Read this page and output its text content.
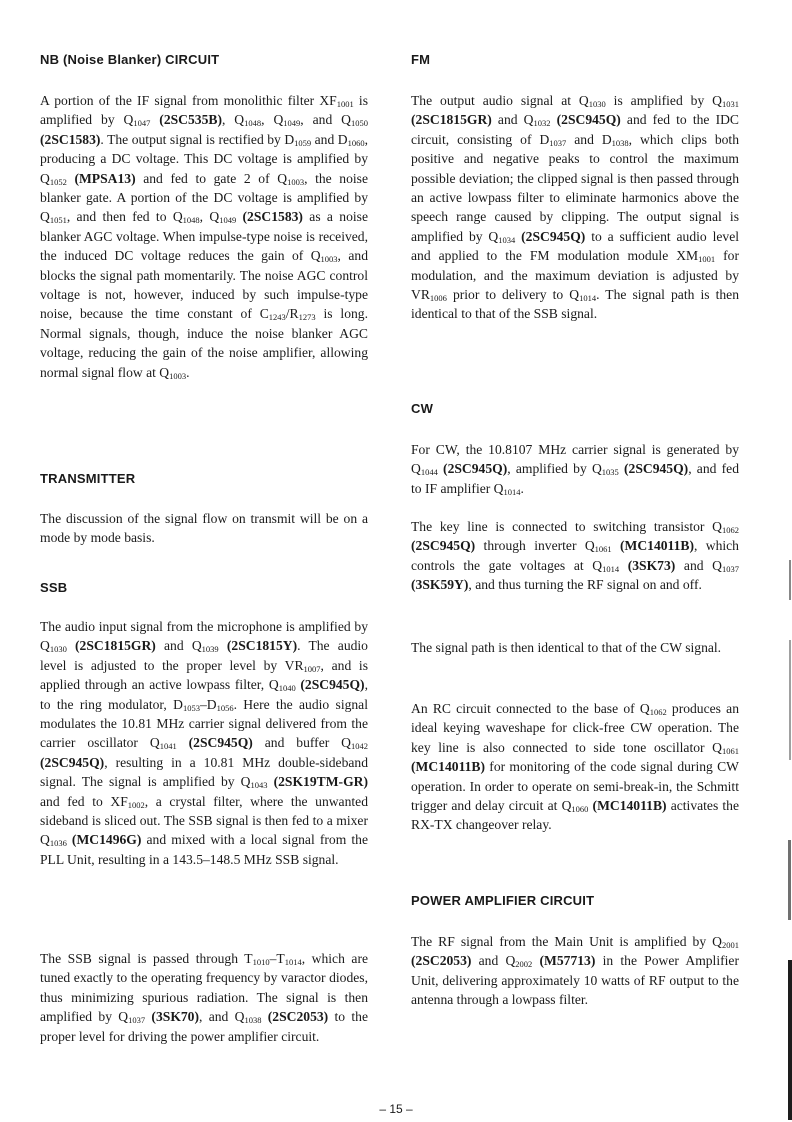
NB (Noise Blanker) CIRCUIT

A portion of the IF signal from monolithic filter $XF_{1001}$ is amplified by $Q_{1047}$ (2SC535B), $Q_{1048}$, $Q_{1049}$, and $Q_{1050}$ (2SC1583). The output signal is rectified by $D_{1059}$ and $D_{1060}$, producing a DC voltage. This DC voltage is amplified by $Q_{1052}$ (MPSA13) and fed to gate 2 of $Q_{1003}$, the noise blanker gate. A portion of the DC voltage is amplified by $Q_{1051}$, and then fed to $Q_{1048}$, $Q_{1049}$ (2SC1583) as a noise blanker AGC voltage. When impulse-type noise is received, the induced DC voltage reduces the gain of $Q_{1003}$, and blocks the signal path momentarily. The noise AGC control voltage is not, however, induced by such impulse-type noise, because the time constant of $C_{1243}/R_{1273}$ is long. Normal signals, though, induce the noise blanker AGC voltage, reducing the gain of the noise amplifier, allowing normal signal flow at $Q_{1003}$.

TRANSMITTER

The discussion of the signal flow on transmit will be on a mode by mode basis.

SSB

The audio input signal from the microphone is amplified by $Q_{1030}$ (2SC1815GR) and $Q_{1039}$ (2SC1815Y). The audio level is adjusted to the proper level by $VR_{1007}$, and is applied through an active lowpass filter, $Q_{1040}$ (2SC945Q), to the ring modulator, $D_{1053}-D_{1056}$. Here the audio signal modulates the 10.81 MHz carrier signal delivered from the carrier oscillator $Q_{1041}$ (2SC945Q) and buffer $Q_{1042}$ (2SC945Q), resulting in a 10.81 MHz double-sideband signal. The signal is amplified by $Q_{1043}$ (2SK19TM-GR) and fed to $XF_{1002}$, a crystal filter, where the unwanted sideband is sliced out. The SSB signal is then fed to a mixer $Q_{1036}$ (MC1496G) and mixed with a local signal from the PLL Unit, resulting in a 143.5–148.5 MHz SSB signal.

The SSB signal is passed through $T_{1010}-T_{1014}$, which are tuned exactly to the operating frequency by varactor diodes, thus minimizing spurious radiation. The signal is then amplified by $Q_{1037}$ (3SK70), and $Q_{1038}$ (2SC2053) to the proper level for driving the power amplifier circuit.

FM

The output audio signal at $Q_{1030}$ is amplified by $Q_{1031}$ (2SC1815GR) and $Q_{1032}$ (2SC945Q) and fed to the IDC circuit, consisting of $D_{1037}$ and $D_{1038}$, which clips both positive and negative peaks to control the maximum possible deviation; the clipped signal is then passed through an active lowpass filter to eliminate harmonics above the speech range caused by clipping. The output signal is amplified by $Q_{1034}$ (2SC945Q) to a sufficient audio level and applied to the FM modulation module $XM_{1001}$ for modulation, and the maximum deviation is adjusted by $VR_{1006}$ prior to delivery to $Q_{1014}$. The signal path is then identical to that of the SSB signal.

CW

For CW, the 10.8107 MHz carrier signal is generated by $Q_{1044}$ (2SC945Q), amplified by $Q_{1035}$ (2SC945Q), and fed to IF amplifier $Q_{1014}$.

The key line is connected to switching transistor $Q_{1062}$ (2SC945Q) through inverter $Q_{1061}$ (MC14011B), which controls the gate voltages at $Q_{1014}$ (3SK73) and $Q_{1037}$ (3SK59Y), and thus turning the RF signal on and off.

The signal path is then identical to that of the CW signal.

An RC circuit connected to the base of $Q_{1062}$ produces an ideal keying waveshape for click-free CW operation. The key line is also connected to side tone oscillator $Q_{1061}$ (MC14011B) for monitoring of the code signal during CW operation. In order to operate on semi-break-in, the Schmitt trigger and delay circuit at $Q_{1060}$ (MC14011B) activates the RX-TX changeover relay.

POWER AMPLIFIER CIRCUIT

The RF signal from the Main Unit is amplified by $Q_{2001}$ (2SC2053) and $Q_{2002}$ (M57713) in the Power Amplifier Unit, delivering approximately 10 watts of RF output to the antenna through a lowpass filter.

– 15 –
